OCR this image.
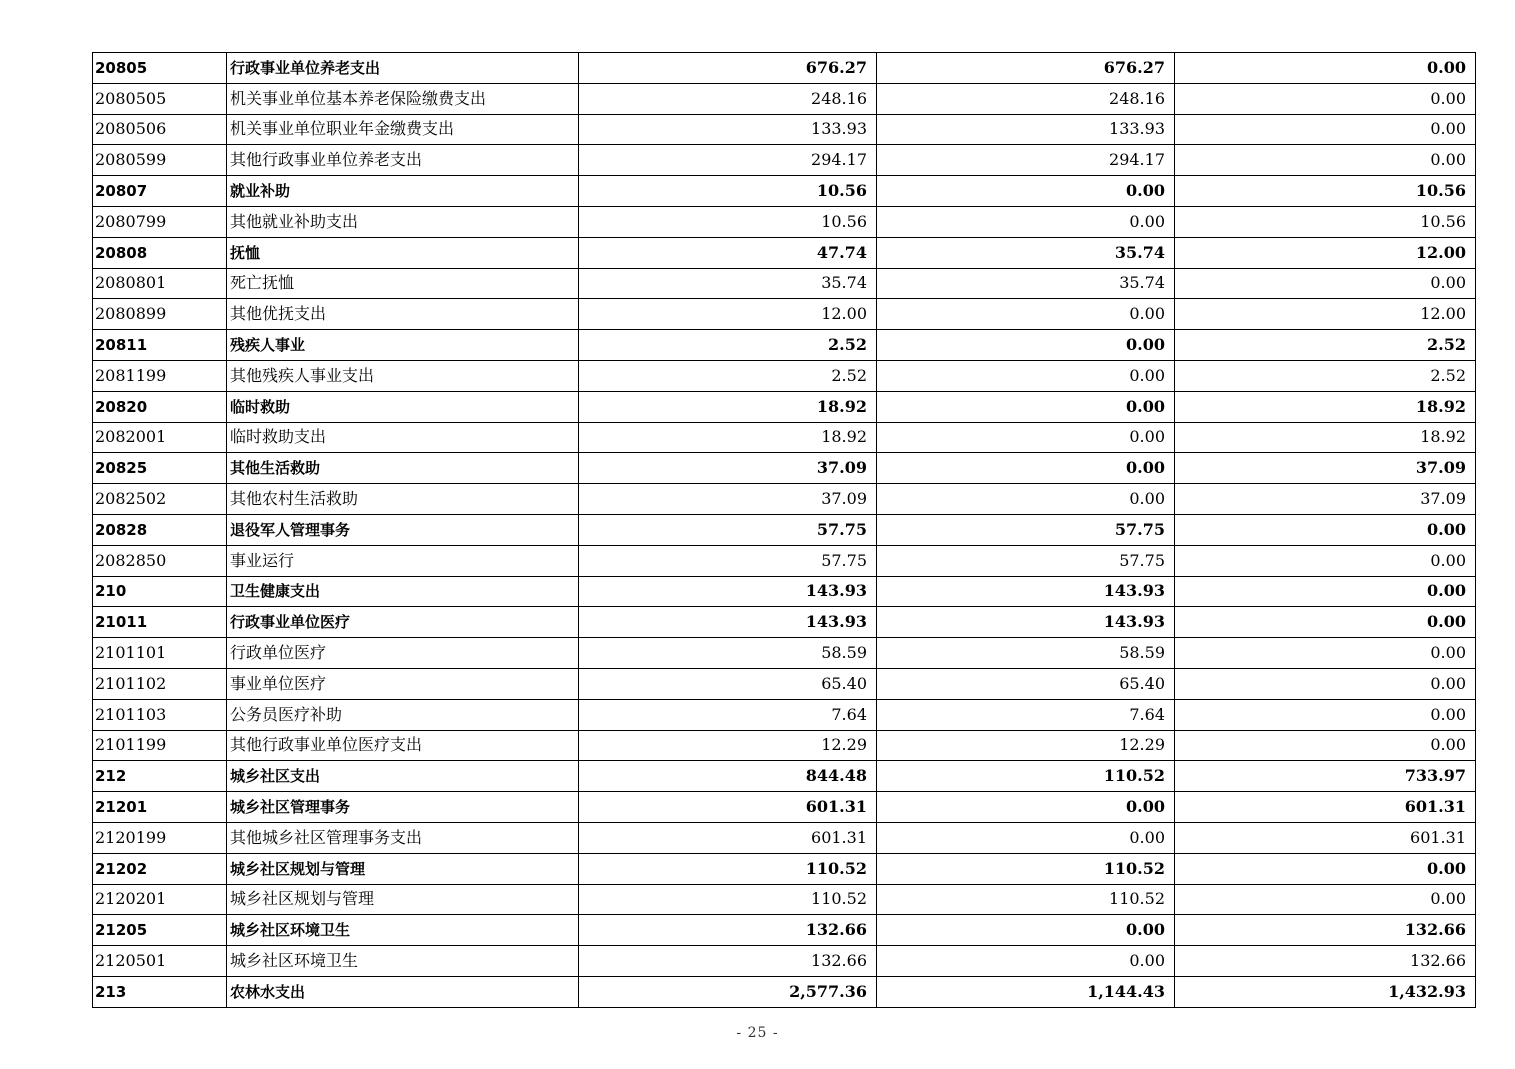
20805	行政事业单位养老支出	676.27	676.27	0.00
2080505	机关事业单位基本养老保险缴费支出	248.16	248.16	0.00
2080506	机关事业单位职业年金缴费支出	133.93	133.93	0.00
2080599	其他行政事业单位养老支出	294.17	294.17	0.00
20807	就业补助	10.56	0.00	10.56
2080799	其他就业补助支出	10.56	0.00	10.56
20808	抚恤	47.74	35.74	12.00
2080801	死亡抚恤	35.74	35.74	0.00
2080899	其他优抚支出	12.00	0.00	12.00
20811	残疾人事业	2.52	0.00	2.52
2081199	其他残疾人事业支出	2.52	0.00	2.52
20820	临时救助	18.92	0.00	18.92
2082001	临时救助支出	18.92	0.00	18.92
20825	其他生活救助	37.09	0.00	37.09
2082502	其他农村生活救助	37.09	0.00	37.09
20828	退役军人管理事务	57.75	57.75	0.00
2082850	事业运行	57.75	57.75	0.00
210	卫生健康支出	143.93	143.93	0.00
21011	行政事业单位医疗	143.93	143.93	0.00
2101101	行政单位医疗	58.59	58.59	0.00
2101102	事业单位医疗	65.40	65.40	0.00
2101103	公务员医疗补助	7.64	7.64	0.00
2101199	其他行政事业单位医疗支出	12.29	12.29	0.00
212	城乡社区支出	844.48	110.52	733.97
21201	城乡社区管理事务	601.31	0.00	601.31
2120199	其他城乡社区管理事务支出	601.31	0.00	601.31
21202	城乡社区规划与管理	110.52	110.52	0.00
2120201	城乡社区规划与管理	110.52	110.52	0.00
21205	城乡社区环境卫生	132.66	0.00	132.66
2120501	城乡社区环境卫生	132.66	0.00	132.66
213	农林水支出	2,577.36	1,144.43	1,432.93
- 25 -
